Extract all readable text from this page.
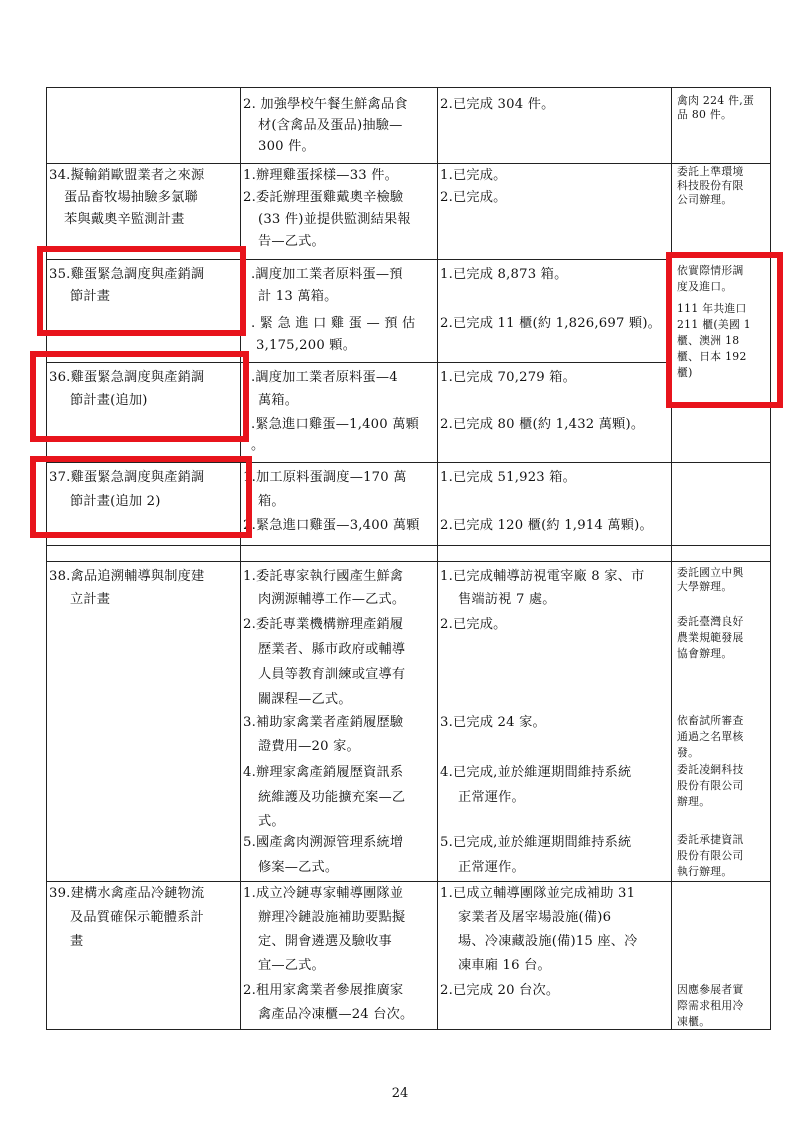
2. 加強學校午餐生鮮禽品食
材(含禽品及蛋品)抽驗—
300 件。
2.已完成 304 件。	禽肉 224 件,蛋
品 80 件。
34.擬輸銷歐盟業者之來源
蛋品畜牧場抽驗多氯聯
苯與戴奧辛監測計畫
1.辦理雞蛋採樣—33 件。
2.委託辦理蛋雞戴奧辛檢驗
(33 件)並提供監測結果報
告—乙式。
1.已完成。
2.已完成。
委託上準環境
科技股份有限
公司辦理。
35.雞蛋緊急調度與產銷調
節計畫
.調度加工業者原料蛋—預
計 13 萬箱。
. 緊 急 進 口 雞 蛋 — 預 估
3,175,200 顆。
1.已完成 8,873 箱。
2.已完成 11 櫃(約 1,826,697 顆)。
依實際情形調
度及進口。
111 年共進口
211 櫃(美國 1
櫃、澳洲 18
櫃、日本 192
櫃)
36.雞蛋緊急調度與產銷調
節計畫(追加)
.調度加工業者原料蛋—4
萬箱。
.緊急進口雞蛋—1,400 萬顆
。
1.已完成 70,279 箱。
2.已完成 80 櫃(約 1,432 萬顆)。
37.雞蛋緊急調度與產銷調
節計畫(追加 2)
1.加工原料蛋調度—170 萬
箱。
2.緊急進口雞蛋—3,400 萬顆
1.已完成 51,923 箱。
2.已完成 120 櫃(約 1,914 萬顆)。
38.禽品追溯輔導與制度建
立計畫
1.委託專家執行國產生鮮禽
肉溯源輔導工作—乙式。
2.委託專業機構辦理產銷履
歷業者、縣市政府或輔導
人員等教育訓練或宣導有
關課程—乙式。
3.補助家禽業者產銷履歷驗
證費用—20 家。
4.辦理家禽產銷履歷資訊系
統維護及功能擴充案—乙
式。
5.國產禽肉溯源管理系統增
修案—乙式。
1.已完成輔導訪視電宰廠 8 家、市
售端訪視 7 處。
2.已完成。
3.已完成 24 家。
4.已完成,並於維運期間維持系統
正常運作。
5.已完成,並於維運期間維持系統
正常運作。
委託國立中興
大學辦理。
委託臺灣良好
農業規範發展
協會辦理。
依畜試所審查
通過之名單核
發。
委託凌網科技
股份有限公司
辦理。
委託承捷資訊
股份有限公司
執行辦理。
39.建構水禽產品冷鏈物流
及品質確保示範體系計
畫
1.成立冷鏈專家輔導團隊並
辦理冷鏈設施補助要點擬
定、開會遴選及驗收事
宜—乙式。
2.租用家禽業者參展推廣家
禽產品冷凍櫃—24 台次。
1.已成立輔導團隊並完成補助 31
家業者及屠宰場設施(備)6
場、冷凍藏設施(備)15 座、冷
凍車廂 16 台。
2.已完成 20 台次。	因應參展者實
際需求租用冷
凍櫃。
24
